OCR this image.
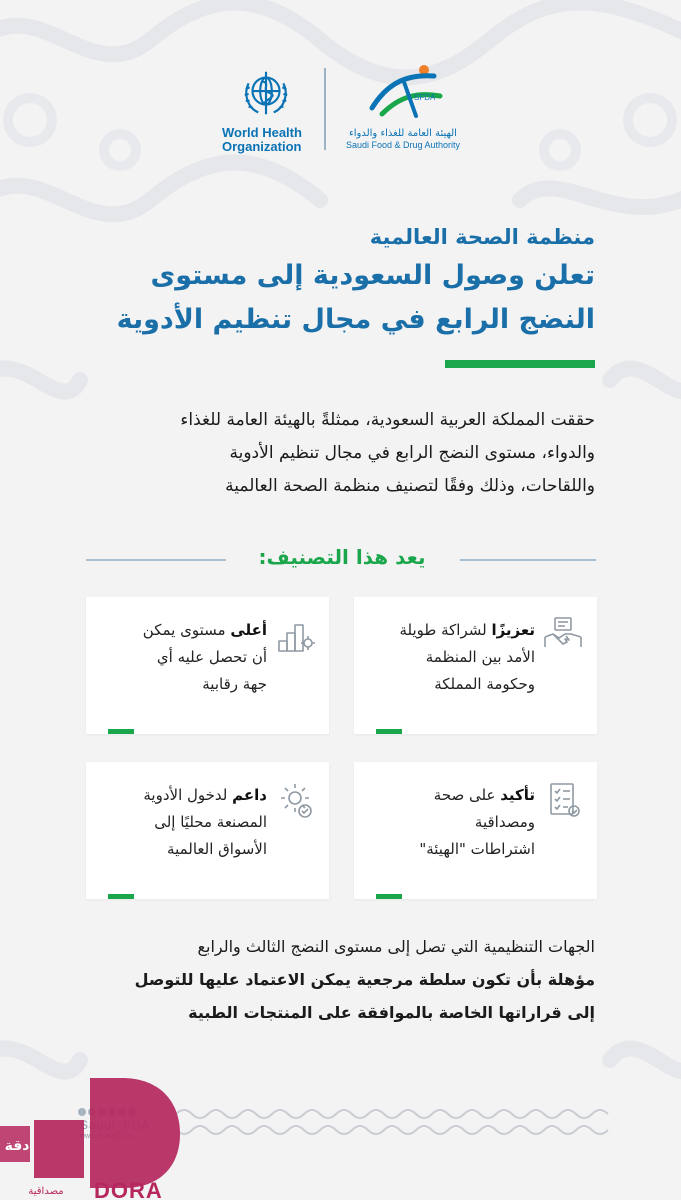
World Health
Organization
SFDA
الهيئة العامة للغذاء والدواء
Saudi Food & Drug Authority
منظمة الصحة العالمية
تعلن وصول السعودية إلى مستوى
النضج الرابع في مجال تنظيم الأدوية
حققت المملكة العربية السعودية، ممثلةً بالهيئة العامة للغذاء
والدواء، مستوى النضج الرابع في مجال تنظيم الأدوية
واللقاحات، وذلك وفقًا لتصنيف منظمة الصحة العالمية
يعد هذا التصنيف:
تعزيزًا لشراكة طويلة
الأمد بين المنظمة
وحكومة المملكة
أعلى مستوى يمكن
أن تحصل عليه أي
جهة رقابية
تأكيد على صحة
ومصداقية
اشتراطات "الهيئة"
داعم لدخول الأدوية
المصنعة محليًا إلى
الأسواق العالمية
الجهات التنظيمية التي تصل إلى مستوى النضج الثالث والرابع
مؤهلة بأن تكون سلطة مرجعية يمكن الاعتماد عليها للتوصل
إلى قراراتها الخاصة بالموافقة على المنتجات الطبية
دقة
مصداقية DORA
